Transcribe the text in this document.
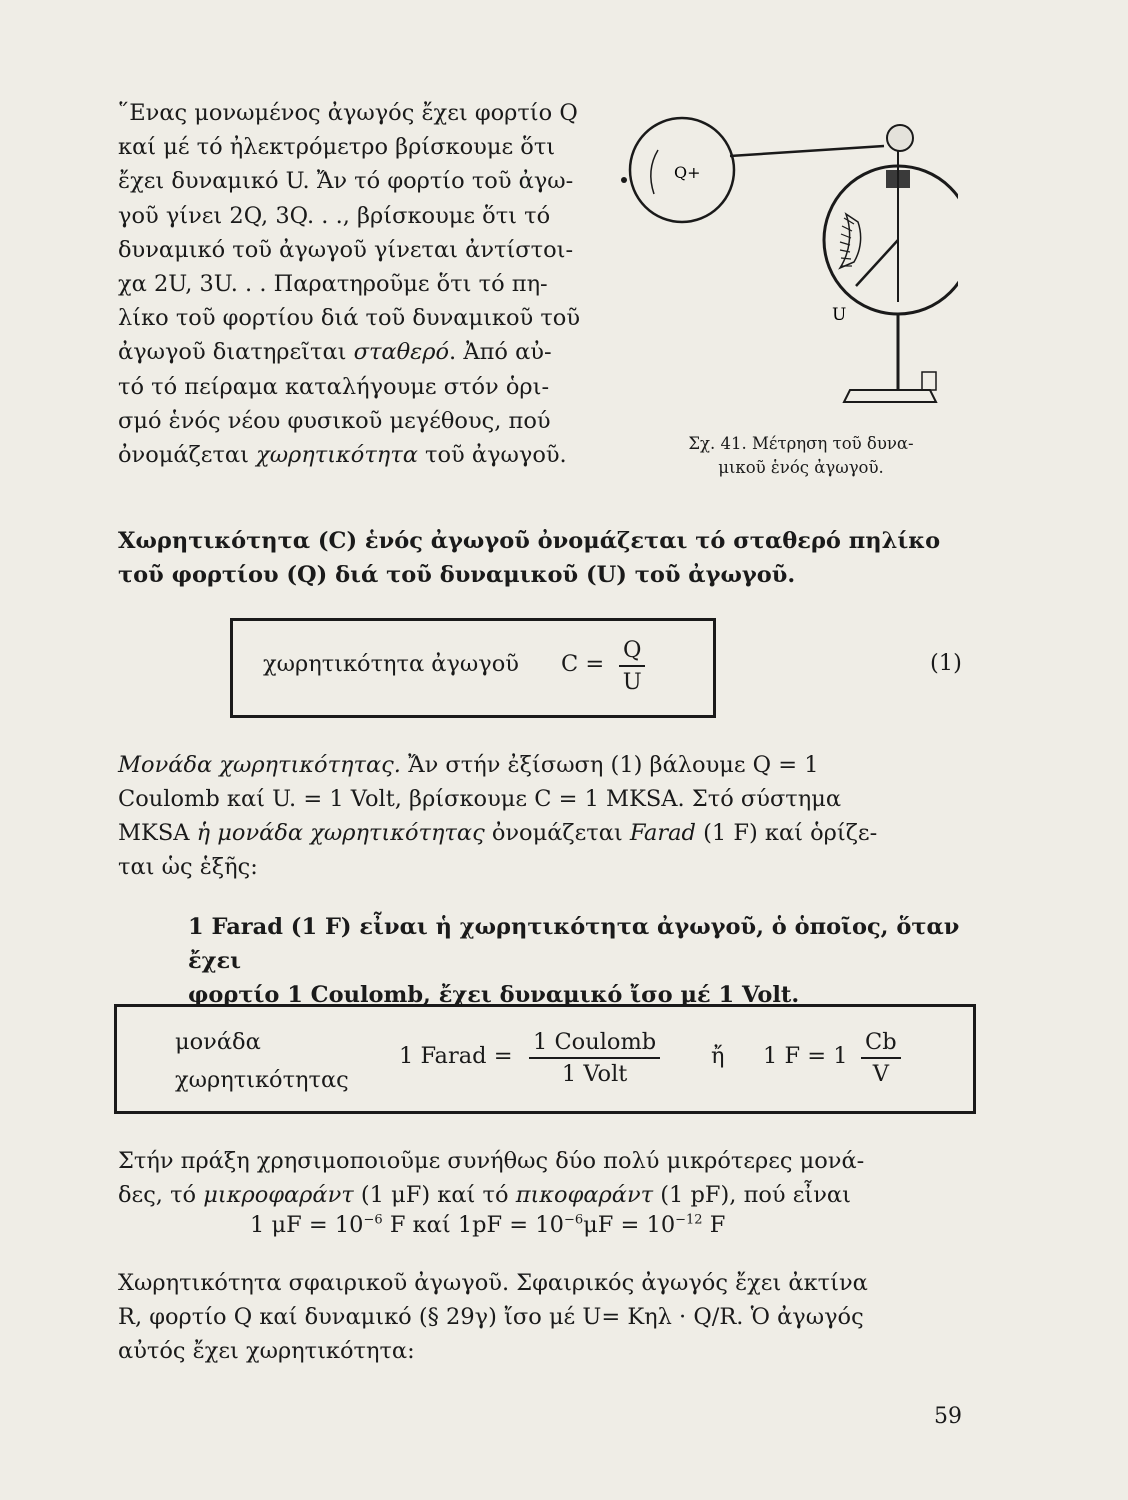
῞Ενας μονωμένος ἀγωγός ἔχει φορτίο Q
καί μέ τό ἠλεκτρόμετρο βρίσκουμε ὅτι
ἔχει δυναμικό U. Ἄν τό φορτίο τοῦ ἀγω-
γοῦ γίνει 2Q, 3Q. . ., βρίσκουμε ὅτι τό
δυναμικό τοῦ ἀγωγοῦ γίνεται ἀντίστοι-
χα 2U, 3U. . . Παρατηροῦμε ὅτι τό πη-
λίκο τοῦ φορτίου διά τοῦ δυναμικοῦ τοῦ
ἀγωγοῦ διατηρεῖται σταθερό. Ἀπό αὐ-
τό τό πείραμα καταλήγουμε στόν ὁρι-
σμό ἑνός νέου φυσικοῦ μεγέθους, πού
ὀνομάζεται χωρητικότητα τοῦ ἀγωγοῦ.
Q+
U
Σχ. 41. Μέτρηση τοῦ δυνα-
μικοῦ ἑνός ἀγωγοῦ.
Χωρητικότητα (C) ἑνός ἀγωγοῦ ὀνομάζεται τό σταθερό πηλίκο
τοῦ φορτίου (Q) διά τοῦ δυναμικοῦ (U) τοῦ ἀγωγοῦ.
χωρητικότητα ἀγωγοῦ $C = \frac{Q}{U}$	(1)
Μονάδα χωρητικότητας. Ἄν στήν ἐξίσωση (1) βάλουμε Q = 1
Coulomb καί U. = 1 Volt, βρίσκουμε C = 1 MKSA. Στό σύστημα
MKSA ἡ μονάδα χωρητικότητας ὀνομάζεται Farad (1 F) καί ὁρίζε-
ται ὡς ἑξῆς:
1 Farad (1 F) εἶναι ἡ χωρητικότητα ἀγωγοῦ, ὁ ὁποῖος, ὅταν ἔχει
φορτίο 1 Coulomb, ἔχει δυναμικό ἴσο μέ 1 Volt.
μονάδα
χωρητικότητας
1 Farad =
1 Coulomb
1 Volt
ἤ 1 $F = 1 \frac{Cb}{V}$
Στήν πράξη χρησιμοποιοῦμε συνήθως δύο πολύ μικρότερες μονά-
δες, τό μικροφαράντ (1 μF) καί τό πικοφαράντ (1 pF), πού εἶναι
1 $\mu F = 10^{-6}$ F καί $1pF = 10^{-6}\mu F = 10^{-12}$ F
Χωρητικότητα σφαιρικοῦ ἀγωγοῦ. Σφαιρικός ἀγωγός ἔχει ἀκτίνα
R, φορτίο Q καί δυναμικό (§ 29γ) ἴσο μέ U= Κηλ · Q/R. Ὁ ἀγωγός
αὐτός ἔχει χωρητικότητα:
59
